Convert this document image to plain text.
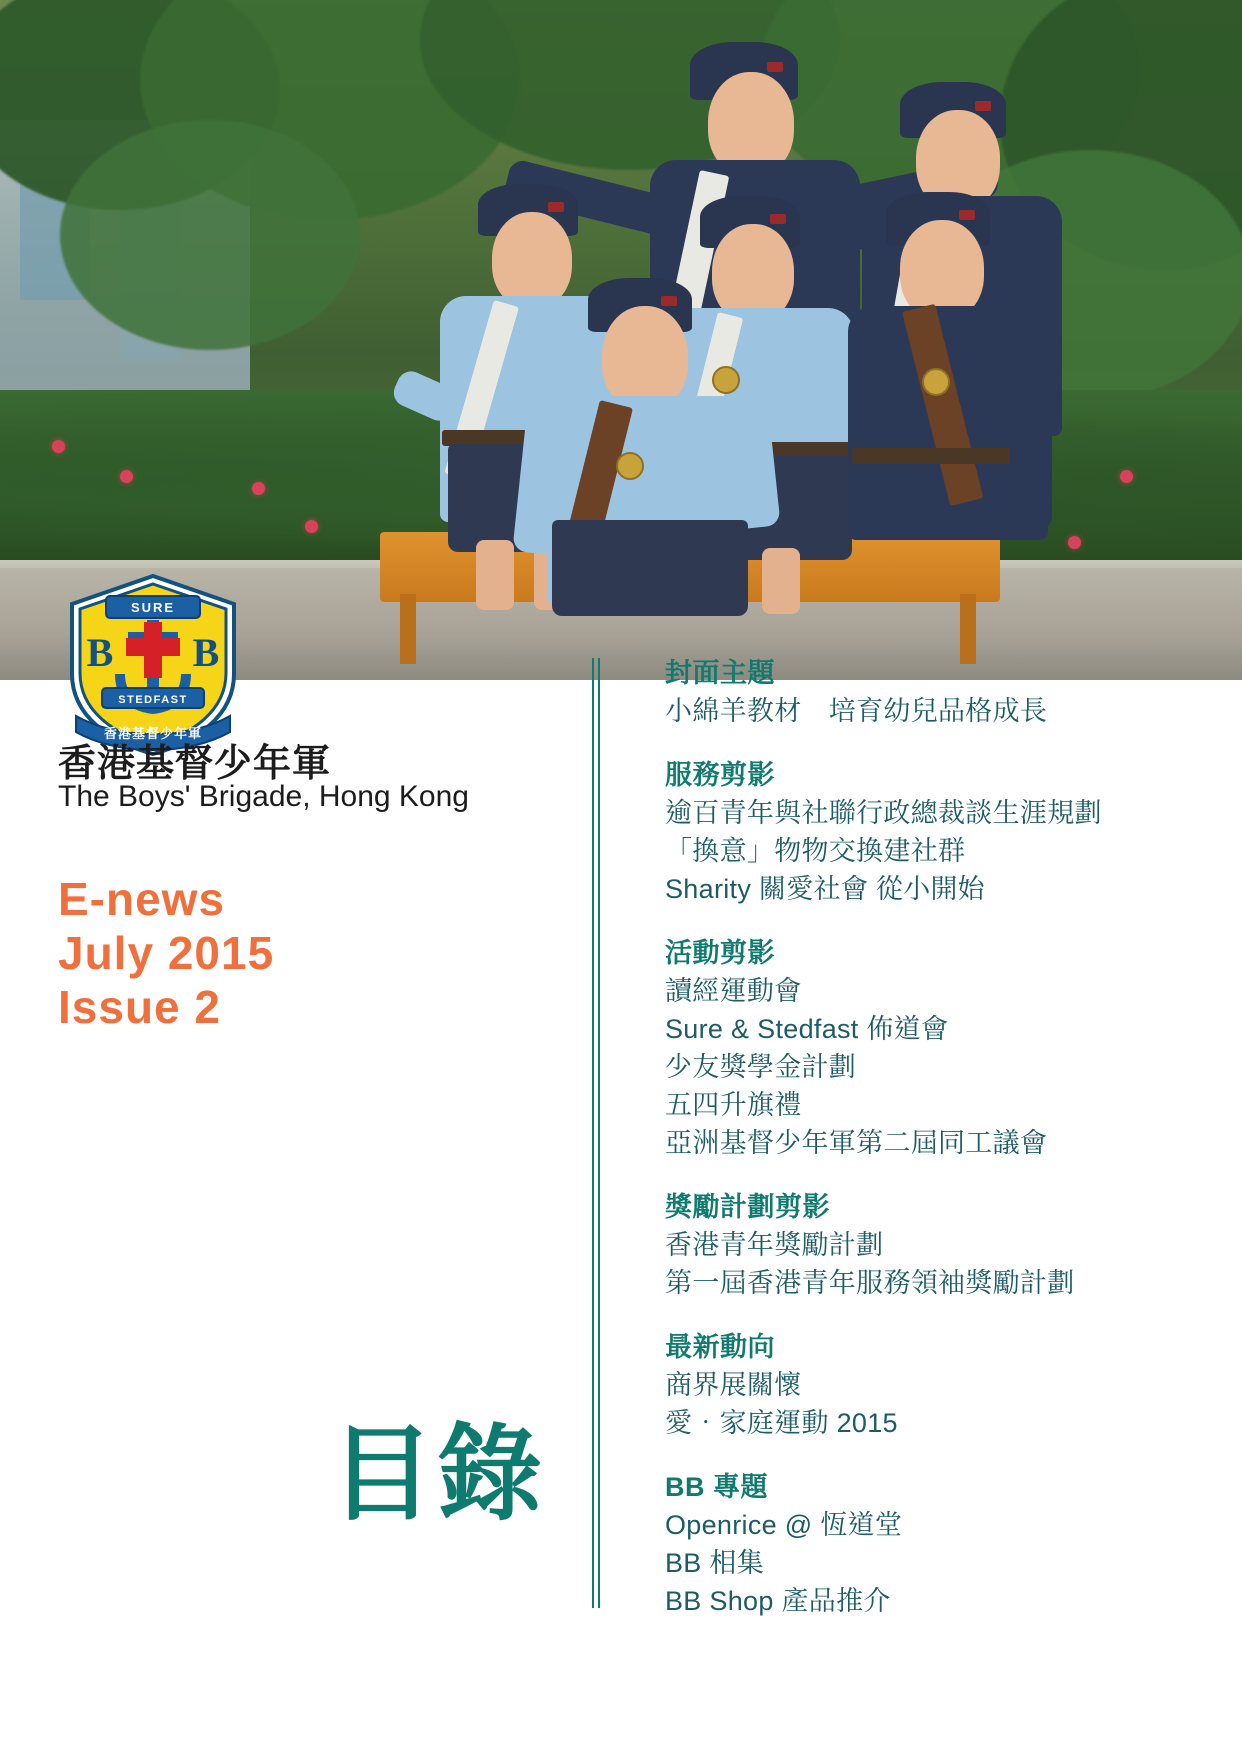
SURE
B B
STEDFAST
香港基督少年軍
香港基督少年軍
The Boys' Brigade, Hong Kong
E-news
July 2015
Issue 2
目錄
封面主題
小綿羊教材　培育幼兒品格成長
服務剪影
逾百青年與社聯行政總裁談生涯規劃
「換意」物物交換建社群
Sharity 關愛社會 從小開始
活動剪影
讀經運動會
Sure & Stedfast 佈道會
少友獎學金計劃
五四升旗禮
亞洲基督少年軍第二屆同工議會
獎勵計劃剪影
香港青年獎勵計劃
第一屆香港青年服務領袖獎勵計劃
最新動向
商界展關懷
愛‧家庭運動 2015
BB 專題
Openrice @ 恆道堂
BB 相集
BB Shop 產品推介
